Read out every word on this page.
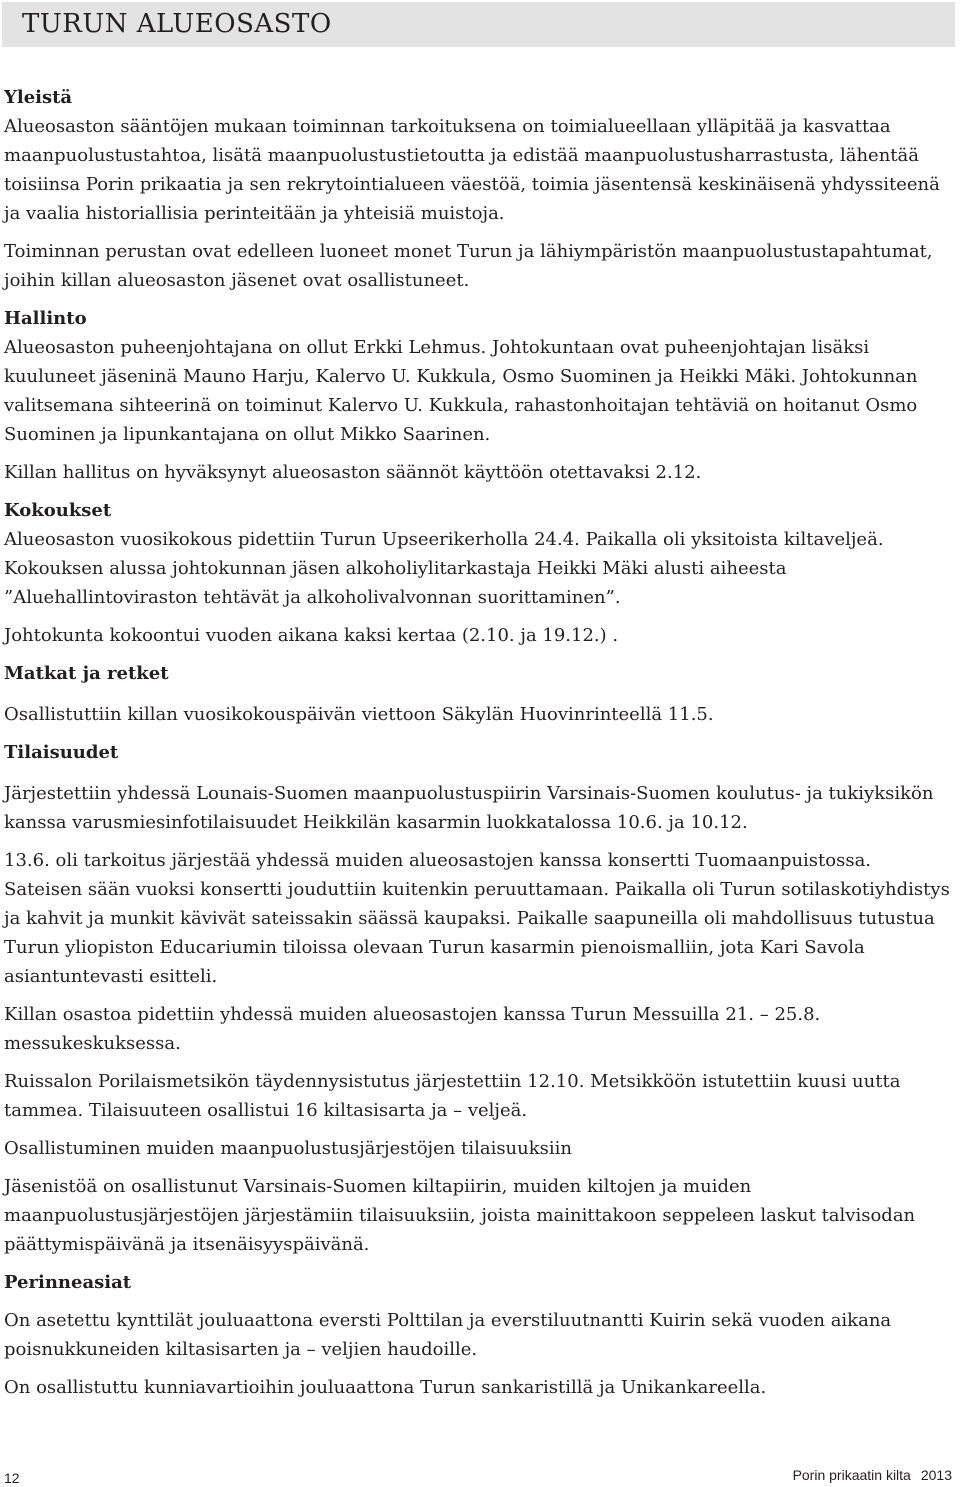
TURUN ALUEOSASTO

Yleistä

Alueosaston sääntöjen mukaan toiminnan tarkoituksena on toimialueellaan ylläpitää ja kasvattaa maanpuolustustahtoa, lisätä maanpuolustustietoutta ja edistää maanpuolustusharrastusta, lähentää toisiinsa Porin prikaatia ja sen rekrytointialueen väestöä, toimia jäsentensä keskinäisenä yhdyssiteenä ja vaalia historiallisia perinteitään ja yhteisiä muistoja.

Toiminnan perustan ovat edelleen luoneet monet Turun ja lähiympäristön maanpuolustustapahtumat, joihin killan alueosaston jäsenet ovat osallistuneet.

Hallinto

Alueosaston puheenjohtajana on ollut Erkki Lehmus. Johtokuntaan ovat puheenjohtajan lisäksi kuuluneet jäseninä Mauno Harju, Kalervo U. Kukkula, Osmo Suominen ja Heikki Mäki. Johtokunnan valitsemana sihteerinä on toiminut Kalervo U. Kukkula, rahastonhoitajan tehtäviä on hoitanut Osmo Suominen ja lipunkantajana on ollut Mikko Saarinen.

Killan hallitus on hyväksynyt alueosaston säännöt käyttöön otettavaksi 2.12.

Kokoukset

Alueosaston vuosikokous pidettiin Turun Upseerikerholla 24.4. Paikalla oli yksitoista kiltaveljeä. Kokouksen alussa johtokunnan jäsen alkoholiylitarkastaja Heikki Mäki alusti aiheesta ”Aluehallintoviraston tehtävät ja alkoholivalvonnan suorittaminen”.

Johtokunta kokoontui vuoden aikana kaksi kertaa (2.10. ja 19.12.) .

Matkat ja retket

Osallistuttiin killan vuosikokouspäivän viettoon Säkylän Huovinrinteellä 11.5.

Tilaisuudet

Järjestettiin yhdessä Lounais-Suomen maanpuolustuspiirin Varsinais-Suomen koulutus- ja tukiyksikön kanssa varusmiesinfotilaisuudet Heikkilän kasarmin luokkatalossa 10.6. ja 10.12.

13.6. oli tarkoitus järjestää yhdessä muiden alueosastojen kanssa konsertti Tuomaanpuistossa. Sateisen sään vuoksi konsertti jouduttiin kuitenkin peruuttamaan. Paikalla oli Turun sotilaskotiyhdistys ja kahvit ja munkit kävivät sateissakin säässä kaupaksi. Paikalle saapuneilla oli mahdollisuus tutustua Turun yliopiston Educariumin tiloissa olevaan Turun kasarmin pienoismalliin, jota Kari Savola asiantuntevasti esitteli.

Killan osastoa pidettiin yhdessä muiden alueosastojen kanssa Turun Messuilla 21. – 25.8. messukeskuksessa.

Ruissalon Porilaismetsikön täydennysistutus järjestettiin 12.10. Metsikköön istutettiin kuusi uutta tammea. Tilaisuuteen osallistui 16 kiltasisarta ja – veljeä.

Osallistuminen muiden maanpuolustusjärjestöjen tilaisuuksiin

Jäsenistöä on osallistunut Varsinais-Suomen kiltapiirin, muiden kiltojen ja muiden maanpuolustusjärjestöjen järjestämiin tilaisuuksiin, joista mainittakoon seppeleen laskut talvisodan päättymispäivänä ja itsenäisyyspäivänä.

Perinneasiat

On asetettu kynttilät jouluaattona eversti Polttilan ja everstiluutnantti Kuirin sekä vuoden aikana poisnukkuneiden kiltasisarten ja – veljien haudoille.

On osallistuttu kunniavartioihin jouluaattona Turun sankaristillä ja Unikankareella.

12	Porin prikaatin kilta 2013
